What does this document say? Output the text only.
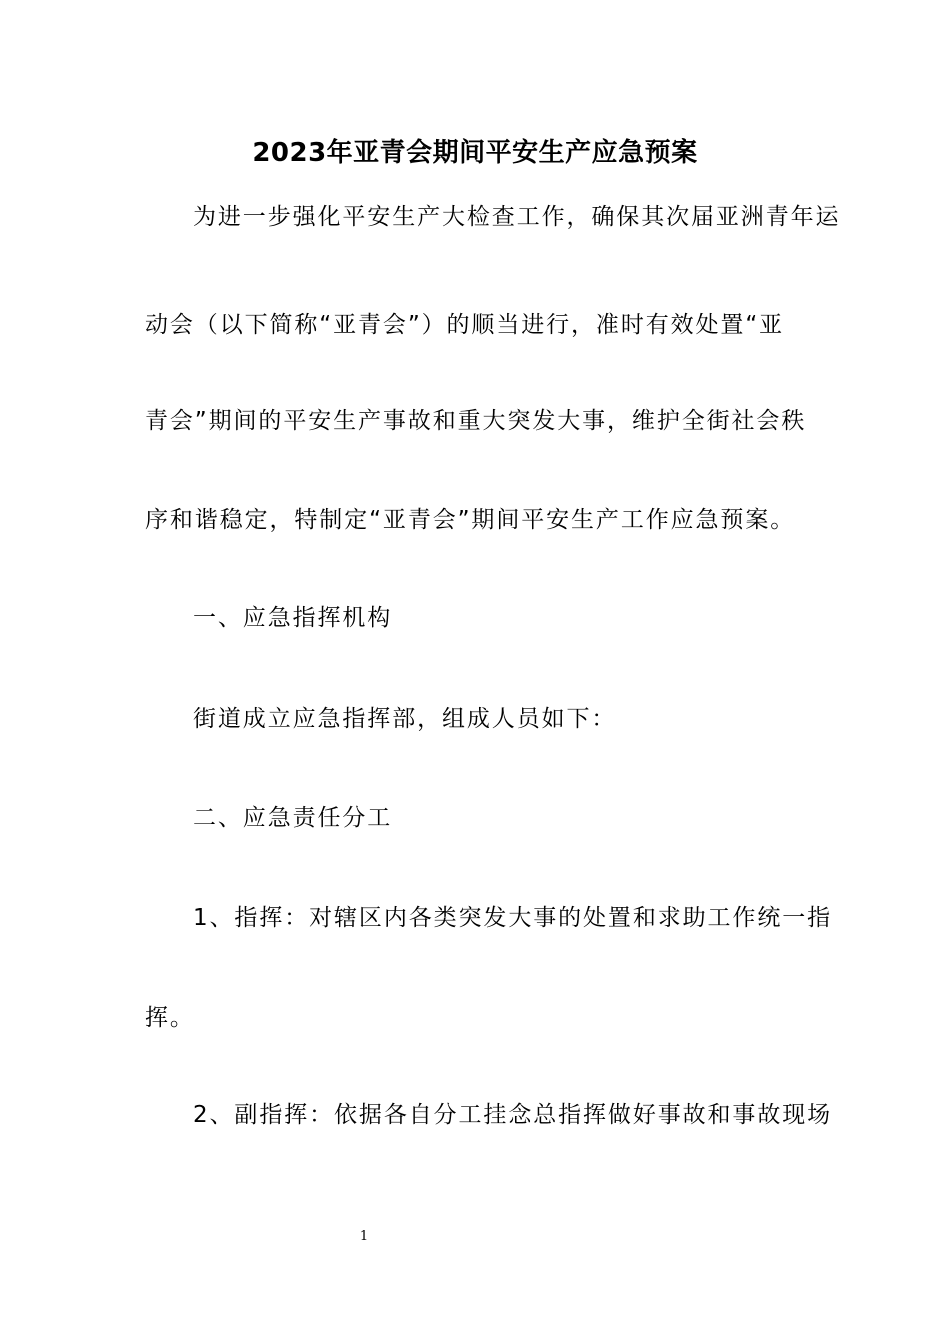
2023年亚青会期间平安生产应急预案
为进一步强化平安生产大检查工作，确保其次届亚洲青年运
动会（以下简称“亚青会”）的顺当进行，准时有效处置“亚
青会”期间的平安生产事故和重大突发大事，维护全街社会秩
序和谐稳定，特制定“亚青会”期间平安生产工作应急预案。
一、应急指挥机构
街道成立应急指挥部，组成人员如下：
二、应急责任分工
1、指挥：对辖区内各类突发大事的处置和求助工作统一指
挥。
2、副指挥：依据各自分工挂念总指挥做好事故和事故现场
1
